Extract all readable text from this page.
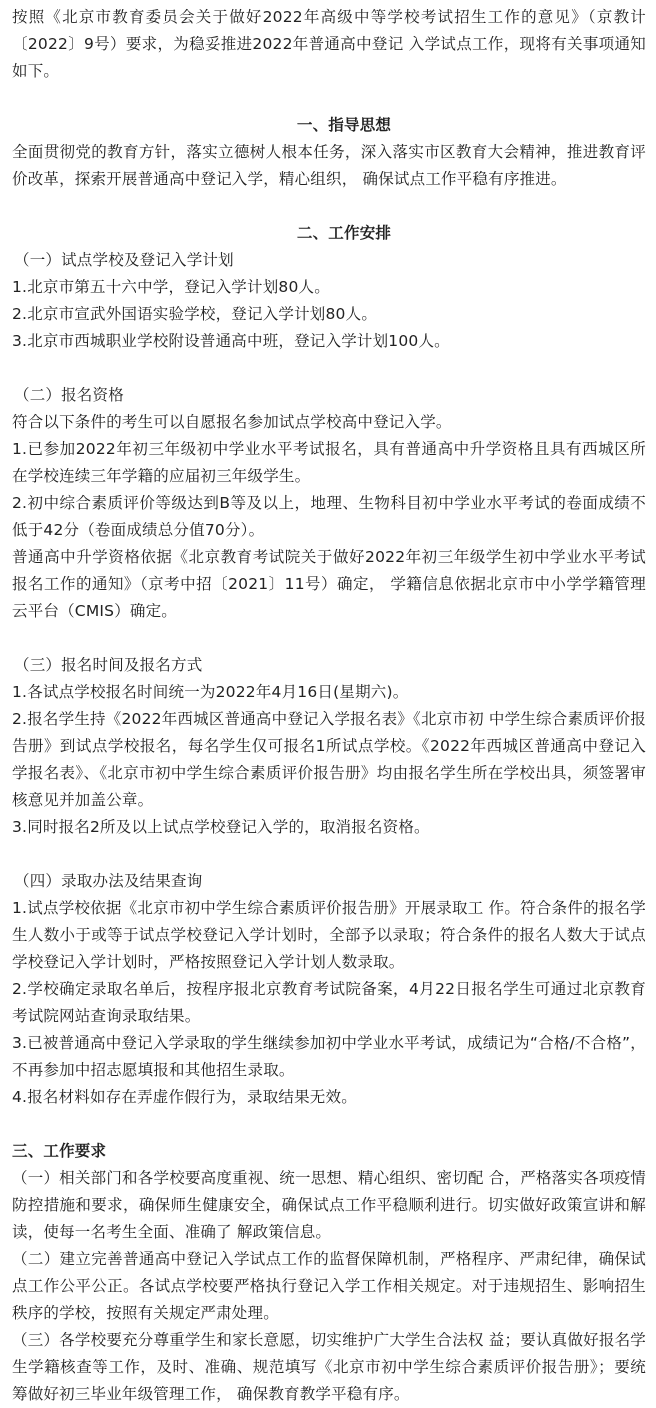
按照《北京市教育委员会关于做好2022年高级中等学校考试招生工作的意见》（京教计〔2022〕9号）要求，为稳妥推进2022年普通高中登记 入学试点工作，现将有关事项通知如下。

一、指导思想

全面贯彻党的教育方针，落实立德树人根本任务，深入落实市区教育大会精神，推进教育评价改革，探索开展普通高中登记入学，精心组织， 确保试点工作平稳有序推进。

二、工作安排

（一）试点学校及登记入学计划

1.北京市第五十六中学，登记入学计划80人。

2.北京市宣武外国语实验学校，登记入学计划80人。

3.北京市西城职业学校附设普通高中班，登记入学计划100人。

（二）报名资格

符合以下条件的考生可以自愿报名参加试点学校高中登记入学。

1.已参加2022年初三年级初中学业水平考试报名，具有普通高中升学资格且具有西城区所在学校连续三年学籍的应届初三年级学生。

2.初中综合素质评价等级达到B等及以上，地理、生物科目初中学业水平考试的卷面成绩不低于42分（卷面成绩总分值70分）。

普通高中升学资格依据《北京教育考试院关于做好2022年初三年级学生初中学业水平考试报名工作的通知》（京考中招〔2021〕11号）确定， 学籍信息依据北京市中小学学籍管理云平台（CMIS）确定。

（三）报名时间及报名方式

1.各试点学校报名时间统一为2022年4月16日(星期六)。

2.报名学生持《2022年西城区普通高中登记入学报名表》《北京市初 中学生综合素质评价报告册》到试点学校报名，每名学生仅可报名1所试点学校。《2022年西城区普通高中登记入学报名表》、《北京市初中学生综合素质评价报告册》均由报名学生所在学校出具，须签署审核意见并加盖公章。

3.同时报名2所及以上试点学校登记入学的，取消报名资格。

（四）录取办法及结果查询

1.试点学校依据《北京市初中学生综合素质评价报告册》开展录取工 作。符合条件的报名学生人数小于或等于试点学校登记入学计划时，全部予以录取；符合条件的报名人数大于试点学校登记入学计划时，严格按照登记入学计划人数录取。

2.学校确定录取名单后，按程序报北京教育考试院备案，4月22日报名学生可通过北京教育考试院网站查询录取结果。

3.已被普通高中登记入学录取的学生继续参加初中学业水平考试，成绩记为“合格/不合格”，不再参加中招志愿填报和其他招生录取。

4.报名材料如存在弄虚作假行为，录取结果无效。

三、工作要求

（一）相关部门和各学校要高度重视、统一思想、精心组织、密切配 合，严格落实各项疫情防控措施和要求，确保师生健康安全，确保试点工作平稳顺利进行。切实做好政策宣讲和解读，使每一名考生全面、准确了 解政策信息。

（二）建立完善普通高中登记入学试点工作的监督保障机制，严格程序、严肃纪律，确保试点工作公平公正。各试点学校要严格执行登记入学工作相关规定。对于违规招生、影响招生秩序的学校，按照有关规定严肃处理。

（三）各学校要充分尊重学生和家长意愿，切实维护广大学生合法权 益；要认真做好报名学生学籍核查等工作，及时、准确、规范填写《北京市初中学生综合素质评价报告册》；要统筹做好初三毕业年级管理工作， 确保教育教学平稳有序。
